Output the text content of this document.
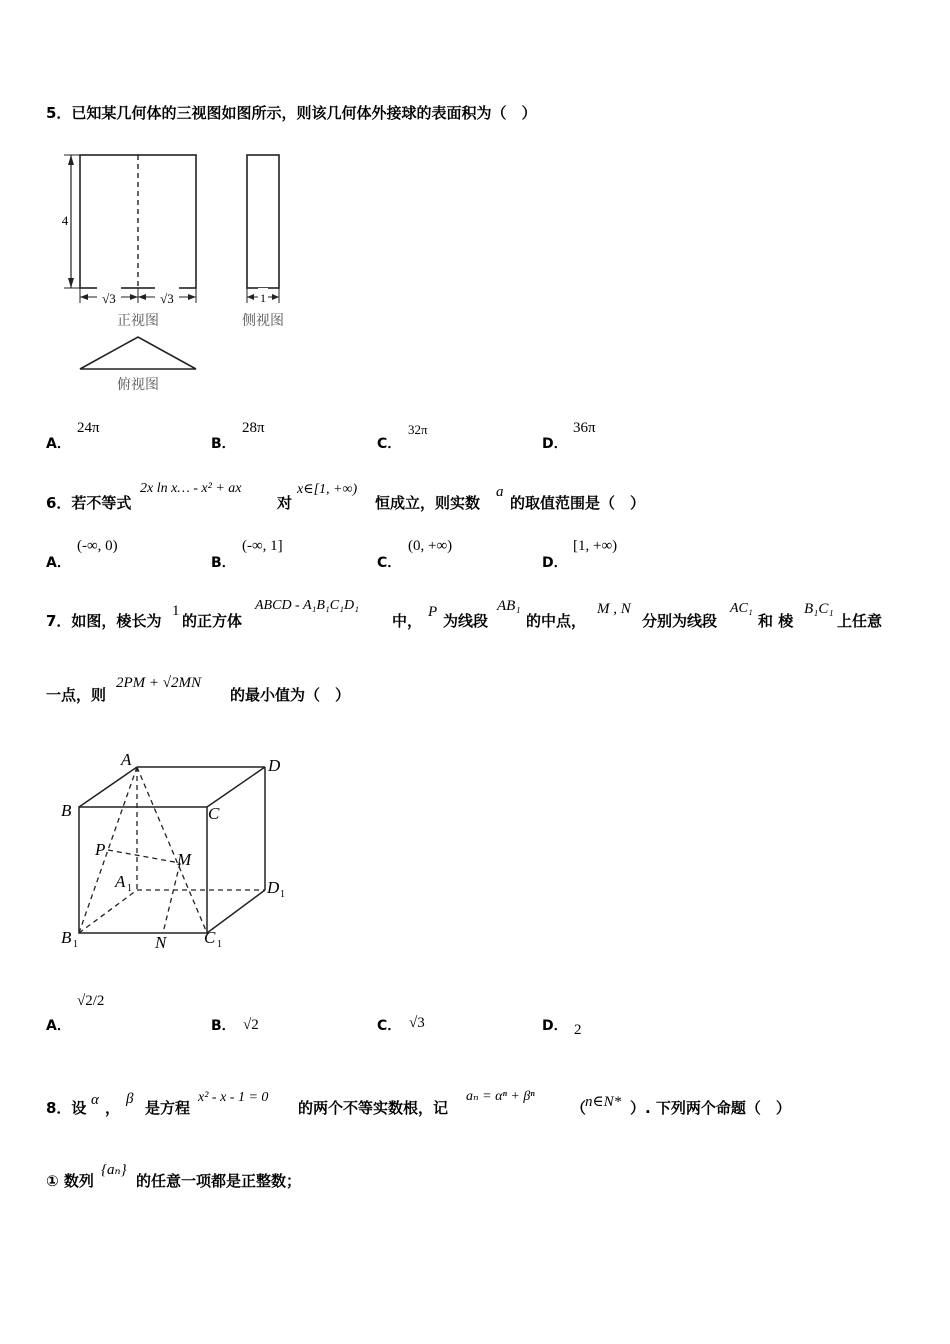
5．已知某几何体的三视图如图所示，则该几何体外接球的表面积为（　）
4
√3	√3
正视图
1
侧视图
俯视图
A．
24π
B．
28π
C．
32π
D．
36π
6．若不等式
2x ln x… - x² + ax
对
x∈[1, +∞)
恒成立，则实数
a
的取值范围是（　）
A．
(-∞, 0)
B．
(-∞, 1]
C．
(0, +∞)
D．
[1, +∞)
7．如图，棱长为
1
的正方体
ABCD - A₁B₁C₁D₁
中， P 为线段
AB₁
的中点，
M , N
分别为线段
AC₁
和 棱
B₁C₁
上任意
一点，则
2PM + √2MN
的最小值为（　）
A	D
B	C
P
M
A	D
B	N C
1
1
1	1
A．
√2/2
B． √2	C． √3	D． 2
8．设 α ， β 是方程
x² - x - 1 = 0
的两个不等实数根，记
aₙ = αⁿ + βⁿ
（
n∈N* ）. 下列两个命题（　）
① 数列
{aₙ}
的任意一项都是正整数；
